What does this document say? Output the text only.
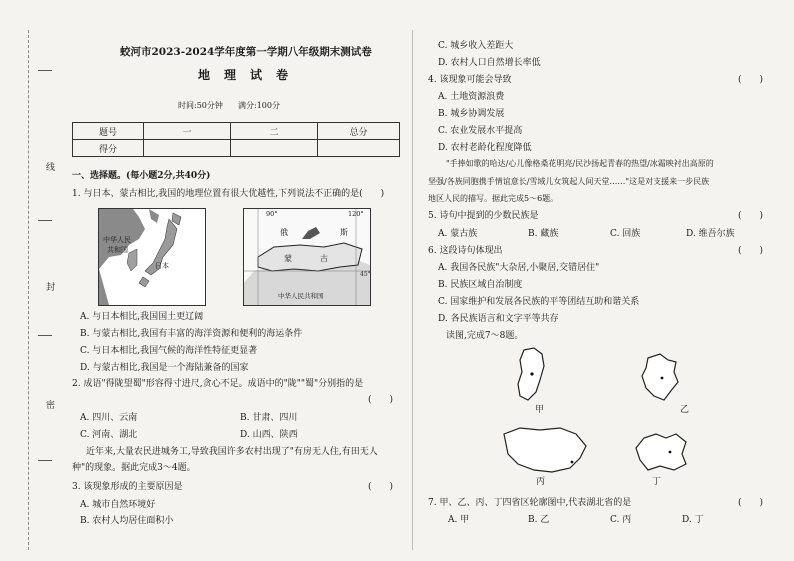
线
封
密
蛟河市2023-2024学年度第一学期八年级期末测试卷
地　理　试　卷
时间:50分钟 满分:100分
题号	一	二	总分
得分			
一、选择题。(每小题2分,共40分)
1. 与日本、蒙古相比,我国的地理位置有很大优越性,下列说法不正确的是(　　)
中华人民
共和国
日本
90°	120°
45°
俄	斯
蒙	古
中华人民共和国
A. 与日本相比,我国国土更辽阔
B. 与蒙古相比,我国有丰富的海洋资源和便利的海运条件
C. 与日本相比,我国气候的海洋性特征更显著
D. 与蒙古相比,我国是一个海陆兼备的国家
2. 成语"得陇望蜀"形容得寸进尺,贪心不足。成语中的"陇""蜀"分别指的是
(　　)
A. 四川、云南	B. 甘肃、四川
C. 河南、湖北	D. 山西、陕西
近年来,大量农民进城务工,导致我国许多农村出现了"有房无人住,有田无人
种"的现象。据此完成3～4题。
3. 该现象形成的主要原因是	(　　)
A. 城市自然环境好
B. 农村人均居住面积小
C. 城乡收入差距大
D. 农村人口自然增长率低
4. 该现象可能会导致	(　　)
A. 土地资源浪费
B. 城乡协调发展
C. 农业发展水平提高
D. 农村老龄化程度降低
"手捧如歌的哈达/心儿像格桑花明亮/民沙扬起青春的热望/冰霜映衬出高原的
坚强/各族同胞携手情谊意长/雪域儿女筑起人间天堂……"这是对支援来一步民族
地区人民的描写。据此完成5～6题。
5. 诗句中提到的少数民族是	(　　)
A. 蒙古族	B. 藏族	C. 回族	D. 维吾尔族
6. 这段诗句体现出	(　　)
A. 我国各民族"大杂居,小聚居,交错居住"
B. 民族区域自治制度
C. 国家维护和发展各民族的平等团结互助和谐关系
D. 各民族语言和文字平等共存
读图,完成7～8题。
甲	乙
丙	丁
7. 甲、乙、丙、丁四省区轮廓图中,代表湖北省的是	(　　)
A. 甲	B. 乙	C. 丙	D. 丁
